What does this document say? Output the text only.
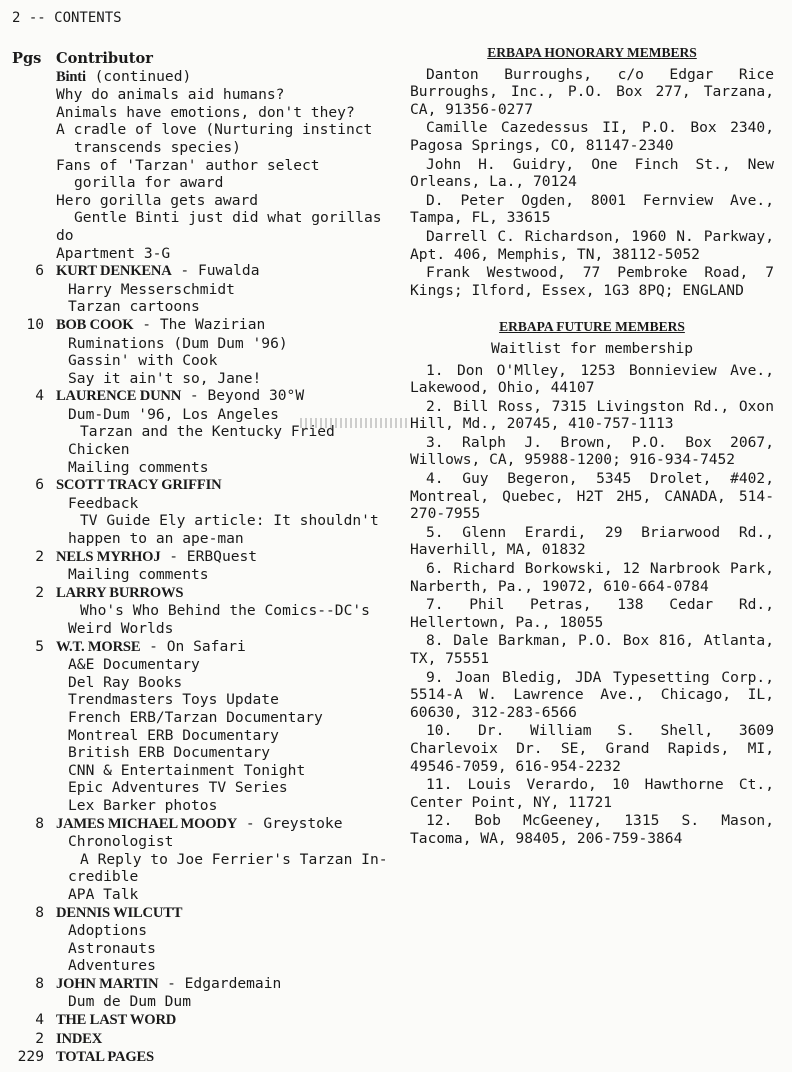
2 -- CONTENTS
Pgs Contributor
Binti (continued)
Why do animals aid humans?
Animals have emotions, don't they?
A cradle of love (Nurturing instinct
transcends species)
Fans of 'Tarzan' author select
gorilla for award
Hero gorilla gets award
Gentle Binti just did what gorillas
do
Apartment 3-G
6 KURT DENKENA - Fuwalda
Harry Messerschmidt
Tarzan cartoons
10 BOB COOK - The Wazirian
Ruminations (Dum Dum '96)
Gassin' with Cook
Say it ain't so, Jane!
4 LAURENCE DUNN - Beyond 30°W
Dum-Dum '96, Los Angeles
Tarzan and the Kentucky Fried
Chicken
Mailing comments
6 SCOTT TRACY GRIFFIN
Feedback
TV Guide Ely article: It shouldn't
happen to an ape-man
2 NELS MYRHOJ - ERBQuest
Mailing comments
2 LARRY BURROWS
Who's Who Behind the Comics--DC's
Weird Worlds
5 W.T. MORSE - On Safari
A&E Documentary
Del Ray Books
Trendmasters Toys Update
French ERB/Tarzan Documentary
Montreal ERB Documentary
British ERB Documentary
CNN & Entertainment Tonight
Epic Adventures TV Series
Lex Barker photos
8 JAMES MICHAEL MOODY - Greystoke
Chronologist
A Reply to Joe Ferrier's Tarzan In-
credible
APA Talk
8 DENNIS WILCUTT
Adoptions
Astronauts
Adventures
8 JOHN MARTIN - Edgardemain
Dum de Dum Dum
4 THE LAST WORD
2 INDEX
229 TOTAL PAGES
ERBAPA HONORARY MEMBERS
Danton Burroughs, c/o Edgar Rice Burroughs, Inc., P.O. Box 277, Tarzana, CA, 91356-0277
Camille Cazedessus II, P.O. Box 2340, Pagosa Springs, CO, 81147-2340
John H. Guidry, One Finch St., New Orleans, La., 70124
D. Peter Ogden, 8001 Fernview Ave., Tampa, FL, 33615
Darrell C. Richardson, 1960 N. Parkway, Apt. 406, Memphis, TN, 38112-5052
Frank Westwood, 77 Pembroke Road, 7 Kings; Ilford, Essex, 1G3 8PQ; ENGLAND
ERBAPA FUTURE MEMBERS
Waitlist for membership
1. Don O'Mlley, 1253 Bonnieview Ave., Lakewood, Ohio, 44107
2. Bill Ross, 7315 Livingston Rd., Oxon Hill, Md., 20745, 410-757-1113
3. Ralph J. Brown, P.O. Box 2067, Willows, CA, 95988-1200; 916-934-7452
4. Guy Begeron, 5345 Drolet, #402, Montreal, Quebec, H2T 2H5, CANADA, 514-270-7955
5. Glenn Erardi, 29 Briarwood Rd., Haverhill, MA, 01832
6. Richard Borkowski, 12 Narbrook Park, Narberth, Pa., 19072, 610-664-0784
7. Phil Petras, 138 Cedar Rd., Hellertown, Pa., 18055
8. Dale Barkman, P.O. Box 816, Atlanta, TX, 75551
9. Joan Bledig, JDA Typesetting Corp., 5514-A W. Lawrence Ave., Chicago, IL, 60630, 312-283-6566
10. Dr. William S. Shell, 3609 Charlevoix Dr. SE, Grand Rapids, MI, 49546-7059, 616-954-2232
11. Louis Verardo, 10 Hawthorne Ct., Center Point, NY, 11721
12. Bob McGeeney, 1315 S. Mason, Tacoma, WA, 98405, 206-759-3864
